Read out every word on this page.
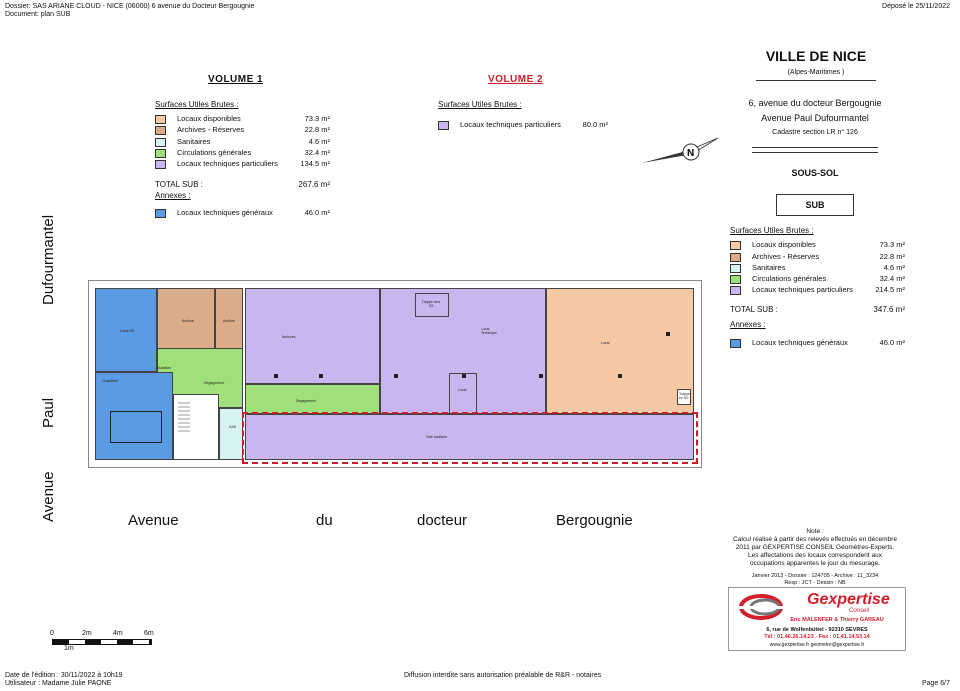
Dossier: SAS ARIANE CLOUD - NICE (06000) 6 avenue du Docteur Bergougnie
Document: plan SUB
Déposé le 25/11/2022
VOLUME 1
Surfaces Utiles Brutes :
Locaux disponibles	73.3 m²
Archives - Réserves	22.8 m²
Sanitaires	4.6 m²
Circulations générales	32.4 m²
Locaux techniques particuliers	134.5 m²
TOTAL SUB :	267.6 m²
Annexes :
Locaux techniques généraux	46.0 m²
VOLUME 2
Surfaces Utiles Brutes :
Locaux techniques particuliers	80.0 m²
N
VILLE DE NICE
(Alpes-Maritimes )
6, avenue du docteur Bergougnie
Avenue Paul Dufourmantel
Cadastre section LR n° 126
SOUS-SOL
SUB
Surfaces Utiles Brutes :
Locaux disponibles	73.3 m²
Archives - Réserves	22.8 m²
Sanitaires	4.6 m²
Circulations générales	32.4 m²
Locaux techniques particuliers	214.5 m²
TOTAL SUB :	347.6 m²
Annexes :
Locaux techniques généraux	46.0 m²
Note :
Calcul réalisé à partir des relevés effectués en décembre
2011 par GEXPERTISE CONSEIL Géomètres-Experts.
Les affectations des locaux correspondent aux
occupations apparentes le jour du mesurage.
Janvier 2013 - Dossier : 124705 - Archive : 11_3234
Resp : JCT - Dessin : NB
Gexpertise
Conseil
Eric MALENFER & Thierry GAREAU
6, rue de Wolfenbüttel - 92310 SEVRES
Tél : 01.46.26.14.23 - Fax : 01.41.14.53.14
www.gexpertise.fr geometre@gexpertise.fr
Dufourmantel
Paul
Avenue	Avenue	du	docteur	Bergougnie
Local GE
Archive	Archive
Dégagement
Isolation
Chaufferie
SAS
Archives
Dégagement
Local Technique
Trappe vers SS
Local
Local
Trappe en SS
Vide sanitaire
0	2m	4m	6m
1m
Date de l'édition : 30/11/2022 à 10h19
Utilisateur : Madame Julie PAONE
Diffusion interdite sans autorisation préalable de R&R - notaires
Page 6/7
